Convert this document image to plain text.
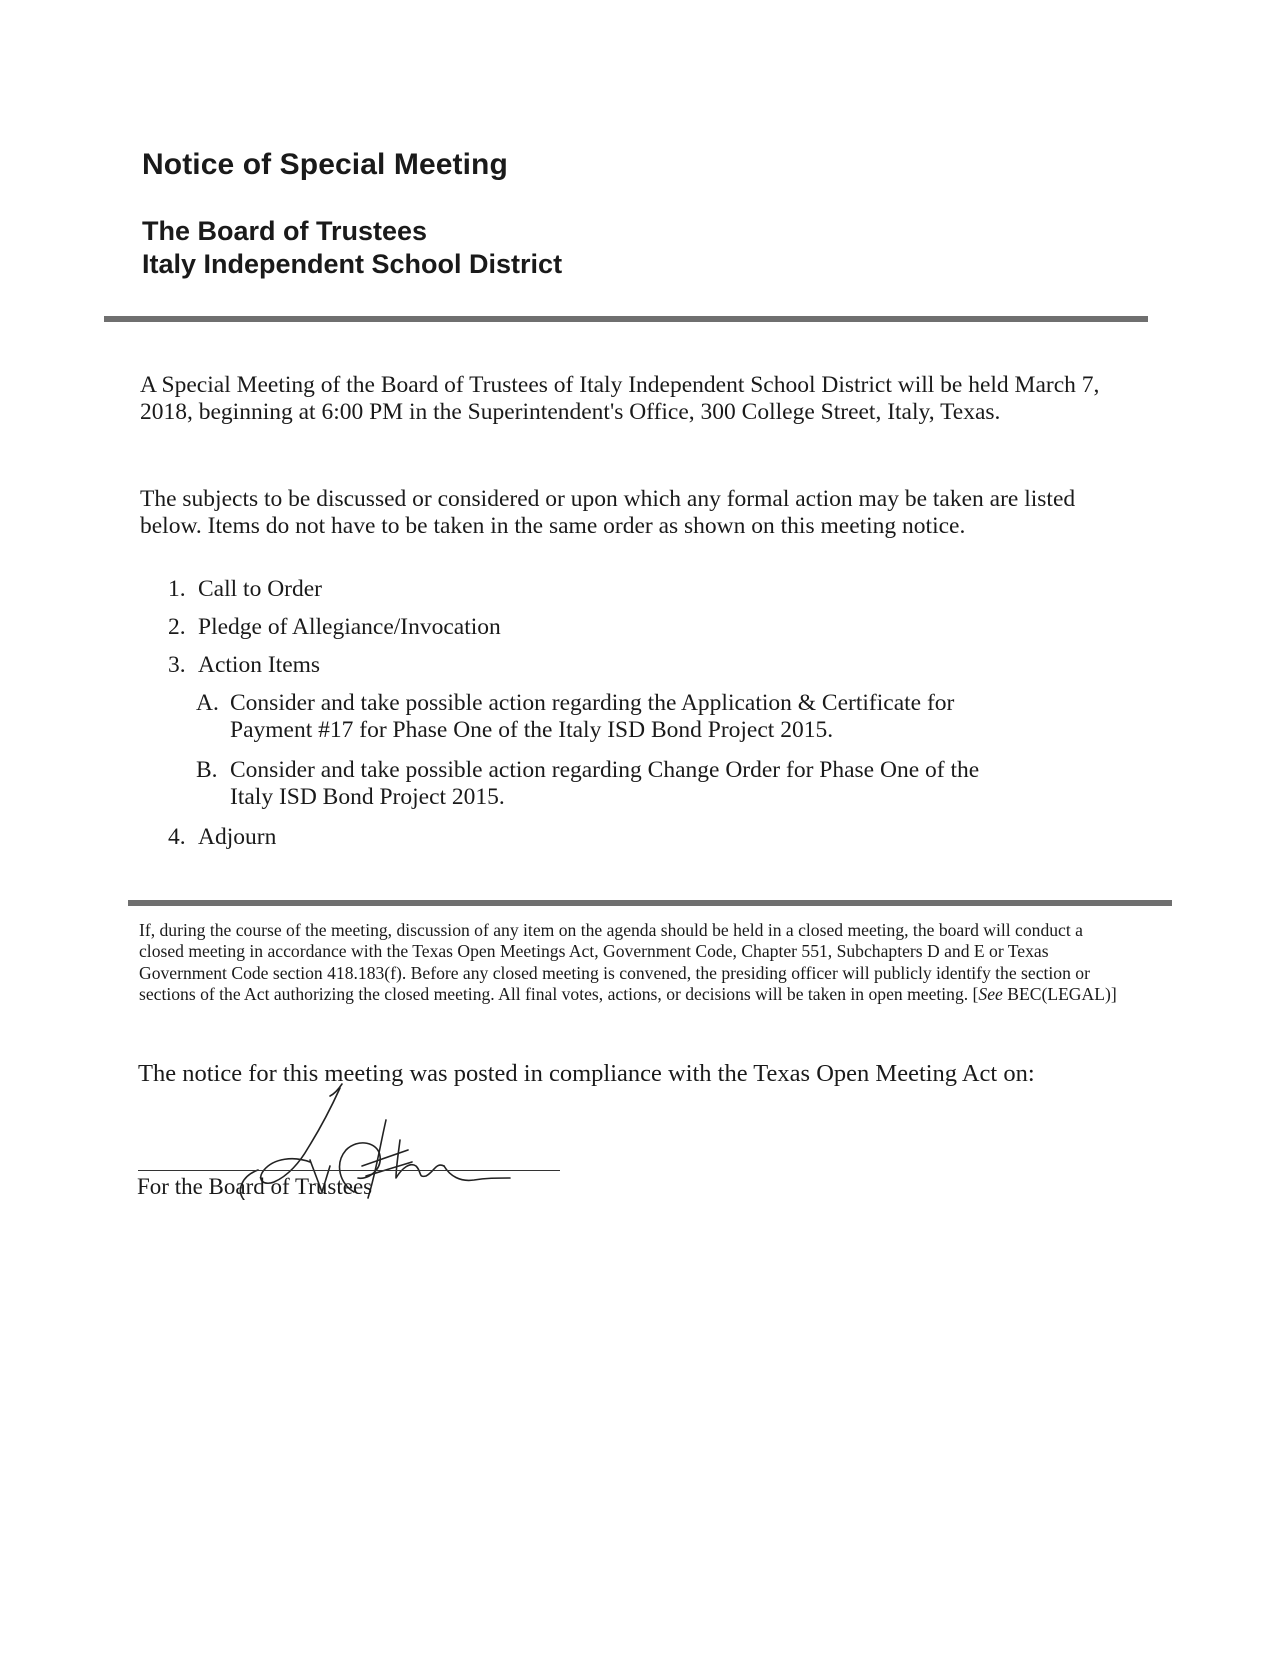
Notice of Special Meeting
The Board of Trustees
Italy Independent School District

A Special Meeting of the Board of Trustees of Italy Independent School District will be held March 7, 2018, beginning at 6:00 PM in the Superintendent's Office, 300 College Street, Italy, Texas.

The subjects to be discussed or considered or upon which any formal action may be taken are listed below. Items do not have to be taken in the same order as shown on this meeting notice.

1. Call to Order
2. Pledge of Allegiance/Invocation
3. Action Items
A. Consider and take possible action regarding the Application & Certificate for Payment #17 for Phase One of the Italy ISD Bond Project 2015.
B. Consider and take possible action regarding Change Order for Phase One of the Italy ISD Bond Project 2015.
4. Adjourn

If, during the course of the meeting, discussion of any item on the agenda should be held in a closed meeting, the board will conduct a closed meeting in accordance with the Texas Open Meetings Act, Government Code, Chapter 551, Subchapters D and E or Texas Government Code section 418.183(f). Before any closed meeting is convened, the presiding officer will publicly identify the section or sections of the Act authorizing the closed meeting. All final votes, actions, or decisions will be taken in open meeting. [See BEC(LEGAL)]

The notice for this meeting was posted in compliance with the Texas Open Meeting Act on:

For the Board of Trustees
